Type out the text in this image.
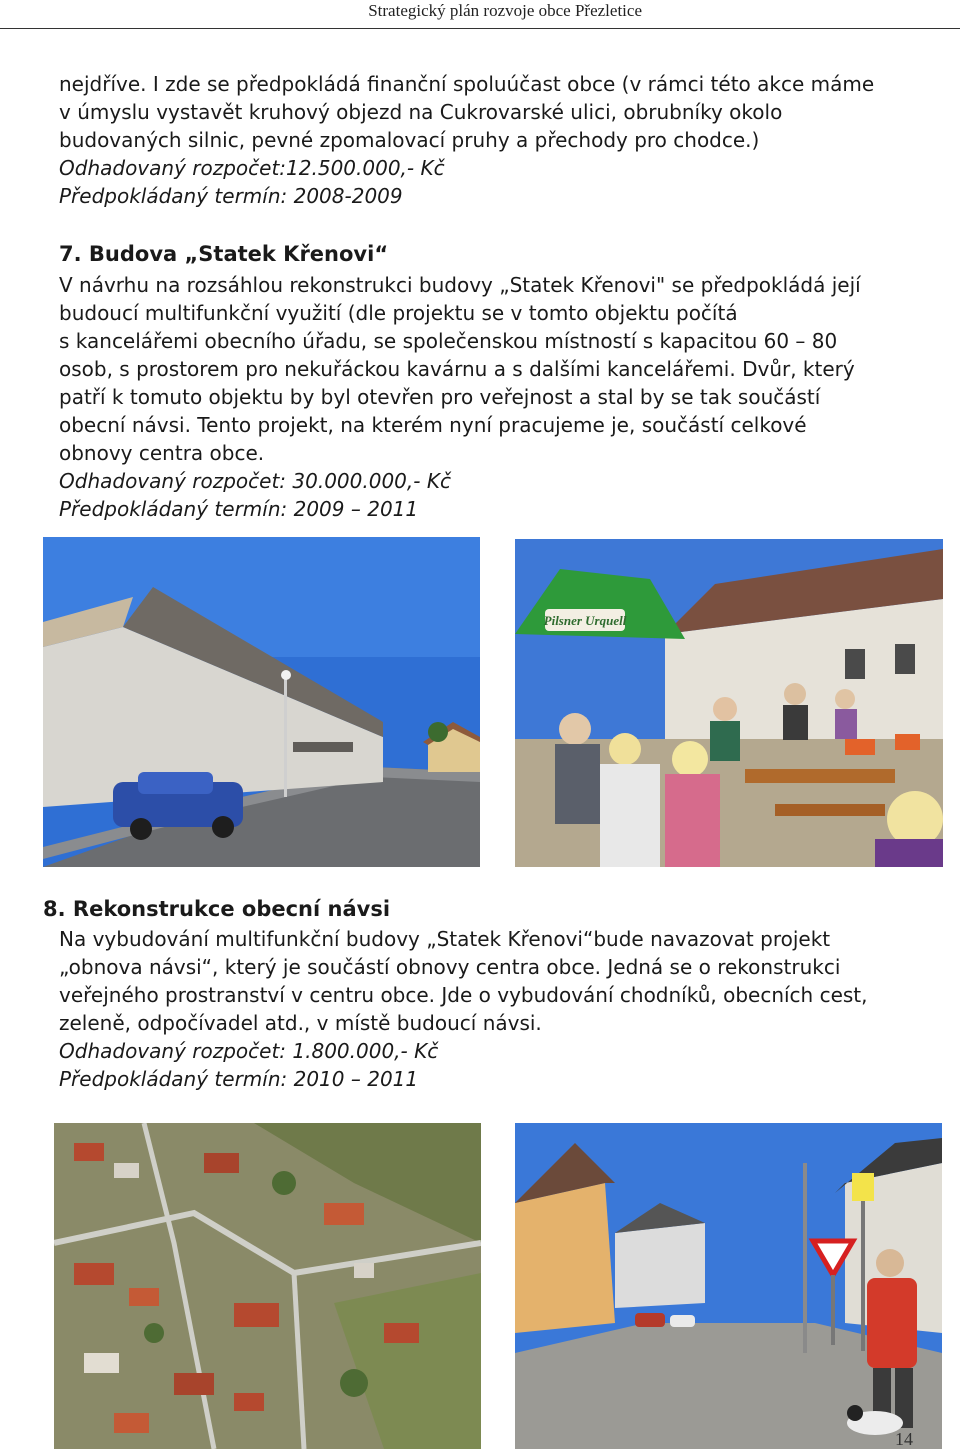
Strategický plán rozvoje obce Přezletice
nejdříve. I zde se předpokládá finanční spoluúčast obce (v rámci této akce máme
v úmyslu vystavět kruhový objezd na Cukrovarské ulici, obrubníky okolo
budovaných silnic, pevné zpomalovací pruhy a přechody pro chodce.)
Odhadovaný rozpočet:12.500.000,- Kč
Předpokládaný termín: 2008-2009
7. Budova „Statek Křenovi“
V návrhu na rozsáhlou rekonstrukci budovy „Statek Křenovi" se předpokládá její
budoucí multifunkční využití (dle projektu se v tomto objektu počítá
s kancelářemi obecního úřadu, se společenskou místností s kapacitou 60 – 80
osob, s prostorem pro nekuřáckou kavárnu a s dalšími kancelářemi. Dvůr, který
patří k tomuto objektu by byl otevřen pro veřejnost a stal by se tak součástí
obecní návsi. Tento projekt, na kterém nyní pracujeme je, součástí celkové
obnovy centra obce.
Odhadovaný rozpočet: 30.000.000,- Kč
Předpokládaný termín: 2009 – 2011
Pilsner Urquell
8. Rekonstrukce obecní návsi
Na vybudování multifunkční budovy „Statek Křenovi“bude navazovat projekt
„obnova návsi“, který je součástí obnovy centra obce. Jedná se o rekonstrukci
veřejného prostranství v centru obce. Jde o vybudování chodníků, obecních cest,
zeleně, odpočívadel atd., v místě budoucí návsi.
Odhadovaný rozpočet: 1.800.000,- Kč
Předpokládaný termín: 2010 – 2011
14
